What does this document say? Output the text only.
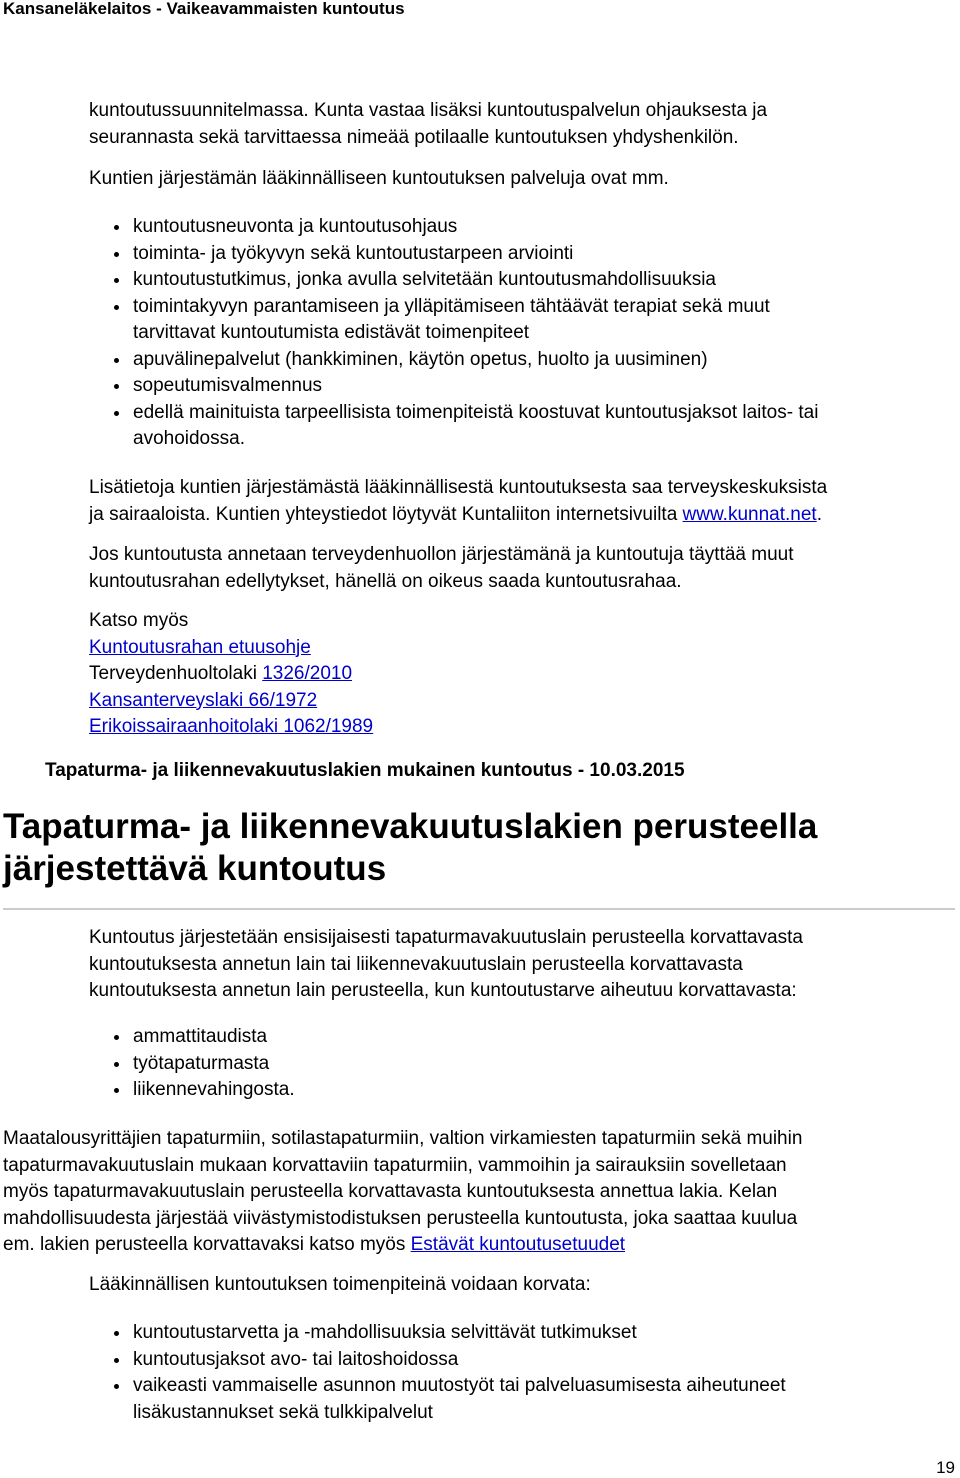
Kansaneläkelaitos - Vaikeavammaisten kuntoutus

kuntoutussuunnitelmassa. Kunta vastaa lisäksi kuntoutuspalvelun ohjauksesta ja
seurannasta sekä tarvittaessa nimeää potilaalle kuntoutuksen yhdyshenkilön.

Kuntien järjestämän lääkinnälliseen kuntoutuksen palveluja ovat mm.

kuntoutusneuvonta ja kuntoutusohjaus
toiminta- ja työkyvyn sekä kuntoutustarpeen arviointi
kuntoutustutkimus, jonka avulla selvitetään kuntoutusmahdollisuuksia
toimintakyvyn parantamiseen ja ylläpitämiseen tähtäävät terapiat sekä muut
tarvittavat kuntoutumista edistävät toimenpiteet
apuvälinepalvelut (hankkiminen, käytön opetus, huolto ja uusiminen)
sopeutumisvalmennus
edellä mainituista tarpeellisista toimenpiteistä koostuvat kuntoutusjaksot laitos- tai
avohoidossa.

Lisätietoja kuntien järjestämästä lääkinnällisestä kuntoutuksesta saa terveyskeskuksista
ja sairaaloista. Kuntien yhteystiedot löytyvät Kuntaliiton internetsivuilta www.kunnat.net.

Jos kuntoutusta annetaan terveydenhuollon järjestämänä ja kuntoutuja täyttää muut
kuntoutusrahan edellytykset, hänellä on oikeus saada kuntoutusrahaa.

Katso myös
Kuntoutusrahan etuusohje
Terveydenhuoltolaki 1326/2010
Kansanterveyslaki 66/1972
Erikoissairaanhoitolaki 1062/1989
Tapaturma- ja liikennevakuutuslakien mukainen kuntoutus - 10.03.2015
Tapaturma- ja liikennevakuutuslakien perusteella
järjestettävä kuntoutus

Kuntoutus järjestetään ensisijaisesti tapaturmavakuutuslain perusteella korvattavasta
kuntoutuksesta annetun lain tai liikennevakuutuslain perusteella korvattavasta
kuntoutuksesta annetun lain perusteella, kun kuntoutustarve aiheutuu korvattavasta:

ammattitaudista
työtapaturmasta
liikennevahingosta.

Maatalousyrittäjien tapaturmiin, sotilastapaturmiin, valtion virkamiesten tapaturmiin sekä muihin
tapaturmavakuutuslain mukaan korvattaviin tapaturmiin, vammoihin ja sairauksiin sovelletaan
myös tapaturmavakuutuslain perusteella korvattavasta kuntoutuksesta annettua lakia. Kelan
mahdollisuudesta järjestää viivästymistodistuksen perusteella kuntoutusta, joka saattaa kuulua
em. lakien perusteella korvattavaksi katso myös Estävät kuntoutusetuudet

Lääkinnällisen kuntoutuksen toimenpiteinä voidaan korvata:

kuntoutustarvetta ja -mahdollisuuksia selvittävät tutkimukset
kuntoutusjaksot avo- tai laitoshoidossa
vaikeasti vammaiselle asunnon muutostyöt tai palveluasumisesta aiheutuneet
lisäkustannukset sekä tulkkipalvelut
19
